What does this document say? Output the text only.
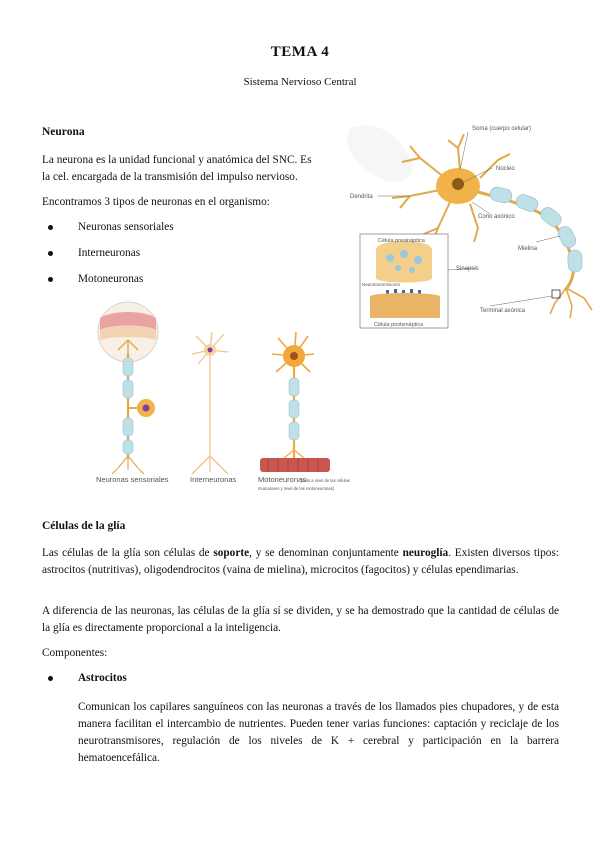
TEMA 4
Sistema Nervioso Central
Neurona
La neurona es la unidad funcional y anatómica del SNC. Es
la cel. encargada de la transmisión del impulso nervioso.
Encontramos 3 tipos de neuronas en el organismo:
Neuronas sensoriales
Interneuronas
Motoneuronas
Soma (cuerpo celular)
Núcleo
Dendrita
Cono axónico
Mielina
Sinapsis
Terminal axónica
Célula presináptica
Neurotransmisores
Célula postsináptica
Neuronas sensoriales	Interneuronas	Motoneuronas
(sólo a nivel de las células
musculares y nivel de las motoneuronas)
Células de la glía
Las células de la glía son células de soporte, y se denominan conjuntamente neuroglía. Existen diversos tipos: astrocitos (nutritivas), oligodendrocitos (vaina de mielina), microcitos (fagocitos) y células ependimarias.
A diferencia de las neuronas, las células de la glía sí se dividen, y se ha demostrado que la cantidad de células de la glía es directamente proporcional a la inteligencia.
Componentes:
Astrocitos
Comunican los capilares sanguíneos con las neuronas a través de los llamados pies chupadores, y de esta manera facilitan el intercambio de nutrientes. Pueden tener varias funciones: captación y reciclaje de los neurotransmisores, regulación de los niveles de K + cerebral y participación en la barrera hematoencefálica.
